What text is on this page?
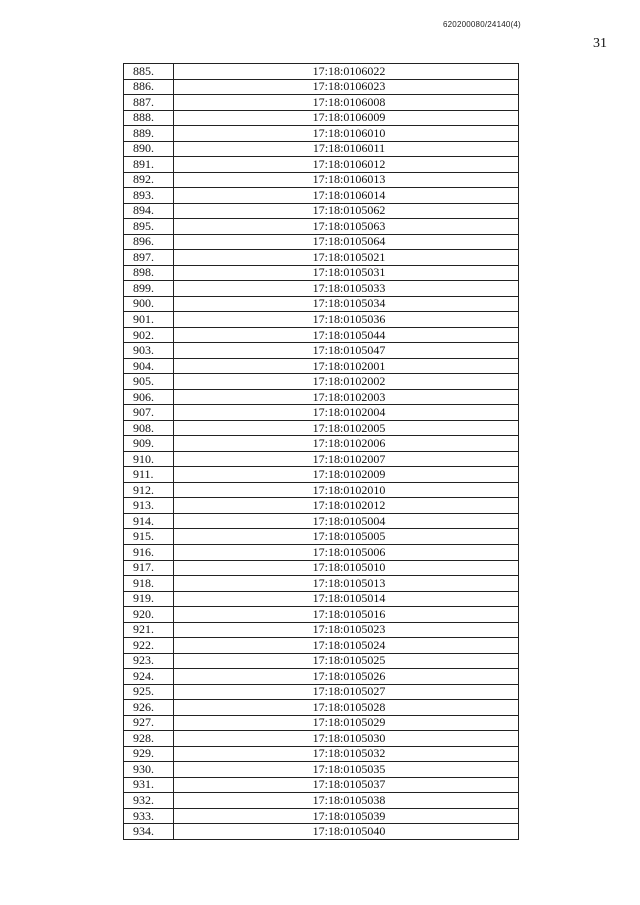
620200080/24140(4)
31
885.	17:18:0106022
886.	17:18:0106023
887.	17:18:0106008
888.	17:18:0106009
889.	17:18:0106010
890.	17:18:0106011
891.	17:18:0106012
892.	17:18:0106013
893.	17:18:0106014
894.	17:18:0105062
895.	17:18:0105063
896.	17:18:0105064
897.	17:18:0105021
898.	17:18:0105031
899.	17:18:0105033
900.	17:18:0105034
901.	17:18:0105036
902.	17:18:0105044
903.	17:18:0105047
904.	17:18:0102001
905.	17:18:0102002
906.	17:18:0102003
907.	17:18:0102004
908.	17:18:0102005
909.	17:18:0102006
910.	17:18:0102007
911.	17:18:0102009
912.	17:18:0102010
913.	17:18:0102012
914.	17:18:0105004
915.	17:18:0105005
916.	17:18:0105006
917.	17:18:0105010
918.	17:18:0105013
919.	17:18:0105014
920.	17:18:0105016
921.	17:18:0105023
922.	17:18:0105024
923.	17:18:0105025
924.	17:18:0105026
925.	17:18:0105027
926.	17:18:0105028
927.	17:18:0105029
928.	17:18:0105030
929.	17:18:0105032
930.	17:18:0105035
931.	17:18:0105037
932.	17:18:0105038
933.	17:18:0105039
934.	17:18:0105040
